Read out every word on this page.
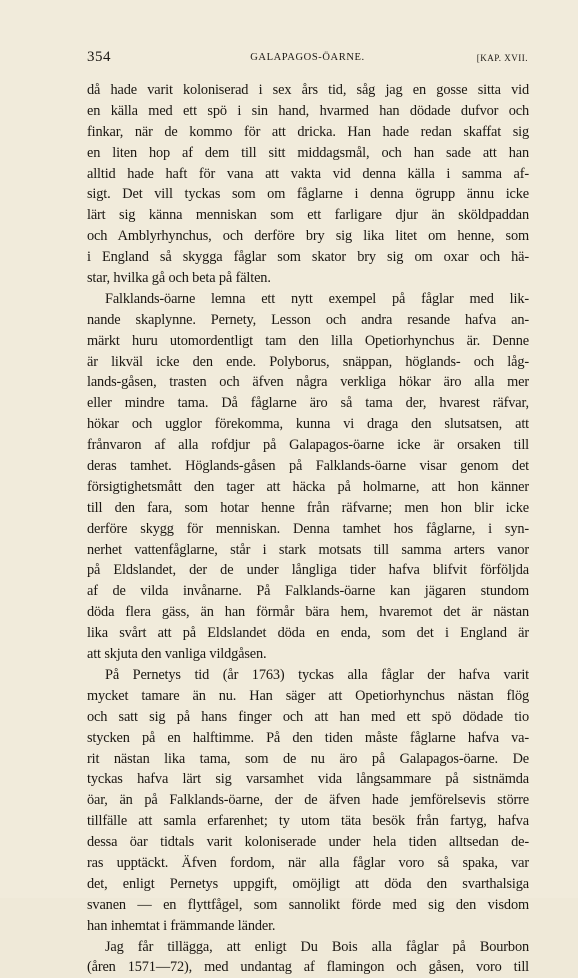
354	GALAPAGOS-ÖARNE.	[KAP. XVII.
då hade varit koloniserad i sex års tid, såg jag en gosse sitta vid
en källa med ett spö i sin hand, hvarmed han dödade dufvor och
finkar, när de kommo för att dricka. Han hade redan skaffat sig
en liten hop af dem till sitt middagsmål, och han sade att han
alltid hade haft för vana att vakta vid denna källa i samma af-
sigt. Det vill tyckas som om fåglarne i denna ögrupp ännu icke
lärt sig känna menniskan som ett farligare djur än sköldpaddan
och Amblyrhynchus, och derföre bry sig lika litet om henne, som
i England så skygga fåglar som skator bry sig om oxar och hä-
star, hvilka gå och beta på fälten.
Falklands-öarne lemna ett nytt exempel på fåglar med lik-
nande skaplynne. Pernety, Lesson och andra resande hafva an-
märkt huru utomordentligt tam den lilla Opetiorhynchus är. Denne
är likväl icke den ende. Polyborus, snäppan, höglands- och låg-
lands-gåsen, trasten och äfven några verkliga hökar äro alla mer
eller mindre tama. Då fåglarne äro så tama der, hvarest räfvar,
hökar och ugglor förekomma, kunna vi draga den slutsatsen, att
frånvaron af alla rofdjur på Galapagos-öarne icke är orsaken till
deras tamhet. Höglands-gåsen på Falklands-öarne visar genom det
försigtighetsmått den tager att häcka på holmarne, att hon känner
till den fara, som hotar henne från räfvarne; men hon blir icke
derföre skygg för menniskan. Denna tamhet hos fåglarne, i syn-
nerhet vattenfåglarne, står i stark motsats till samma arters vanor
på Eldslandet, der de under långliga tider hafva blifvit förföljda
af de vilda invånarne. På Falklands-öarne kan jägaren stundom
döda flera gäss, än han förmår bära hem, hvaremot det är nästan
lika svårt att på Eldslandet döda en enda, som det i England är
att skjuta den vanliga vildgåsen.
På Pernetys tid (år 1763) tyckas alla fåglar der hafva varit
mycket tamare än nu. Han säger att Opetiorhynchus nästan flög
och satt sig på hans finger och att han med ett spö dödade tio
stycken på en halftimme. På den tiden måste fåglarne hafva va-
rit nästan lika tama, som de nu äro på Galapagos-öarne. De
tyckas hafva lärt sig varsamhet vida långsammare på sistnämda
öar, än på Falklands-öarne, der de äfven hade jemförelsevis större
tillfälle att samla erfarenhet; ty utom täta besök från fartyg, hafva
dessa öar tidtals varit koloniserade under hela tiden alltsedan de-
ras upptäckt. Äfven fordom, när alla fåglar voro så spaka, var
det, enligt Pernetys uppgift, omöjligt att döda den svarthalsiga
svanen — en flyttfågel, som sannolikt förde med sig den visdom
han inhemtat i främmande länder.
Jag får tillägga, att enligt Du Bois alla fåglar på Bourbon
(åren 1571—72), med undantag af flamingon och gåsen, voro till
